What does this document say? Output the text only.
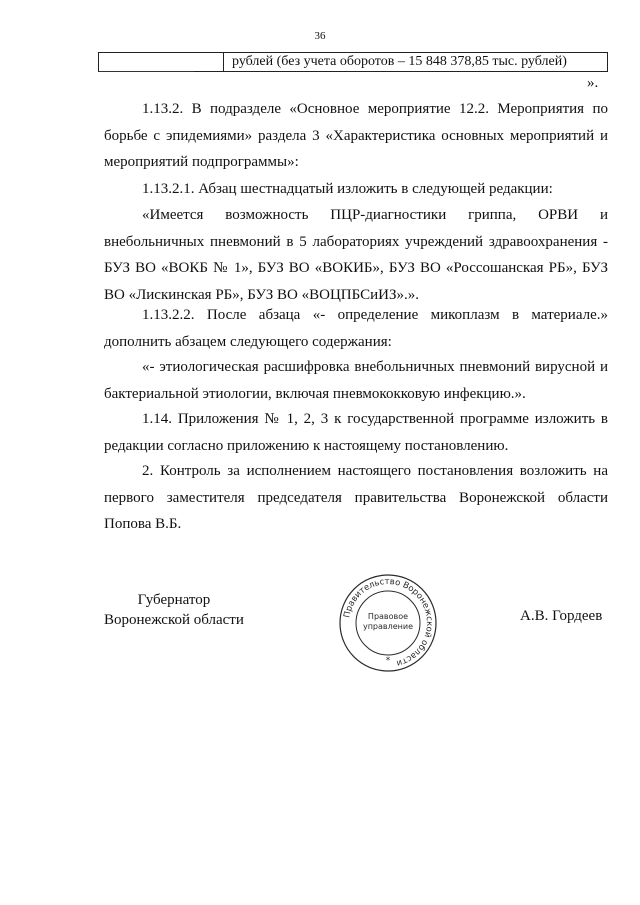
36
рублей (без учета оборотов – 15 848 378,85 тыс. рублей)
».

1.13.2. В подразделе «Основное мероприятие 12.2. Мероприятия по борьбе с эпидемиями» раздела 3 «Характеристика основных мероприятий и мероприятий подпрограммы»:

1.13.2.1. Абзац шестнадцатый изложить в следующей редакции:

«Имеется возможность ПЦР-диагностики гриппа, ОРВИ и внебольничных пневмоний в 5 лабораториях учреждений здравоохранения - БУЗ ВО «ВОКБ № 1», БУЗ ВО «ВОКИБ», БУЗ ВО «Россошанская РБ», БУЗ ВО «Лискинская РБ», БУЗ ВО «ВОЦПБСиИЗ».».

1.13.2.2. После абзаца «- определение микоплазм в материале.» дополнить абзацем следующего содержания:

«- этиологическая расшифровка внебольничных пневмоний вирусной и бактериальной этиологии, включая пневмококковую инфекцию.».

1.14. Приложения № 1, 2, 3 к государственной программе изложить в редакции согласно приложению к настоящему постановлению.

2. Контроль за исполнением настоящего постановления возложить на первого заместителя председателя правительства Воронежской области Попова В.Б.

Губернатор
Воронежской области	А.В. Гордеев
Правительство Воронежской области
Правовое
управление
*
